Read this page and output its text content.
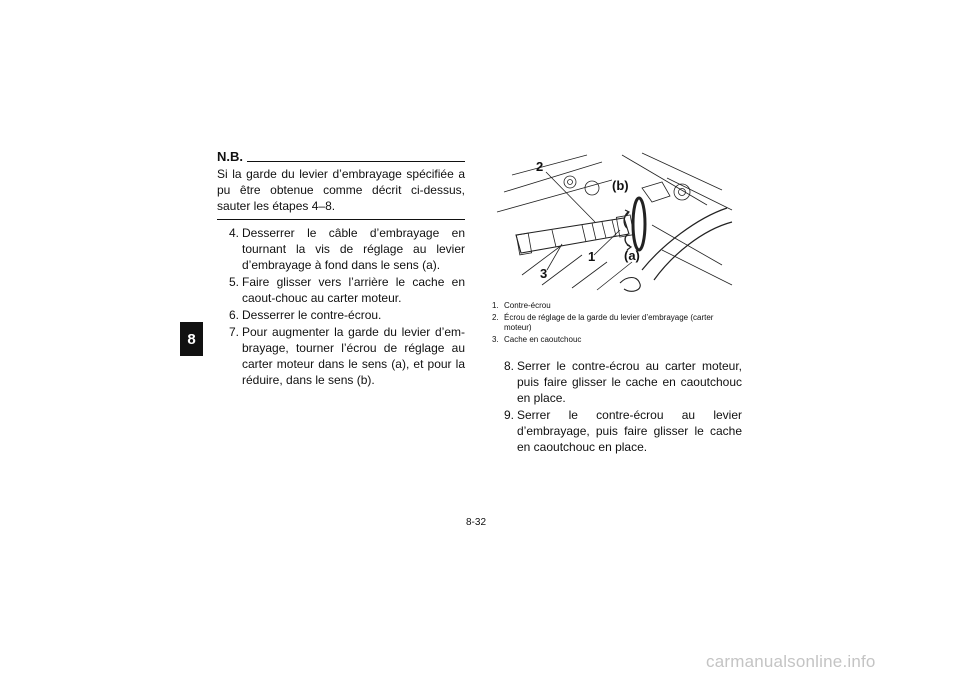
8
N.B.

Si la garde du levier d’embrayage spécifiée a pu être obtenue comme décrit ci-dessus, sauter les étapes 4–8.

4. Desserrer le câble d’embrayage en tournant la vis de réglage au levier d’embrayage à fond dans le sens (a).
5. Faire glisser vers l’arrière le cache en caout-chouc au carter moteur.
6. Desserrer le contre-écrou.
7. Pour augmenter la garde du levier d’em-brayage, tourner l’écrou de réglage au carter moteur dans le sens (a), et pour la réduire, dans le sens (b).
2
(b)
1 (a)
3
1. Contre-écrou
2. Écrou de réglage de la garde du levier d’embrayage (carter moteur)
3. Cache en caoutchouc
8. Serrer le contre-écrou au carter moteur, puis faire glisser le cache en caoutchouc en place.
9. Serrer le contre-écrou au levier d’embrayage, puis faire glisser le cache en caoutchouc en place.
8-32
carmanualsonline.info
